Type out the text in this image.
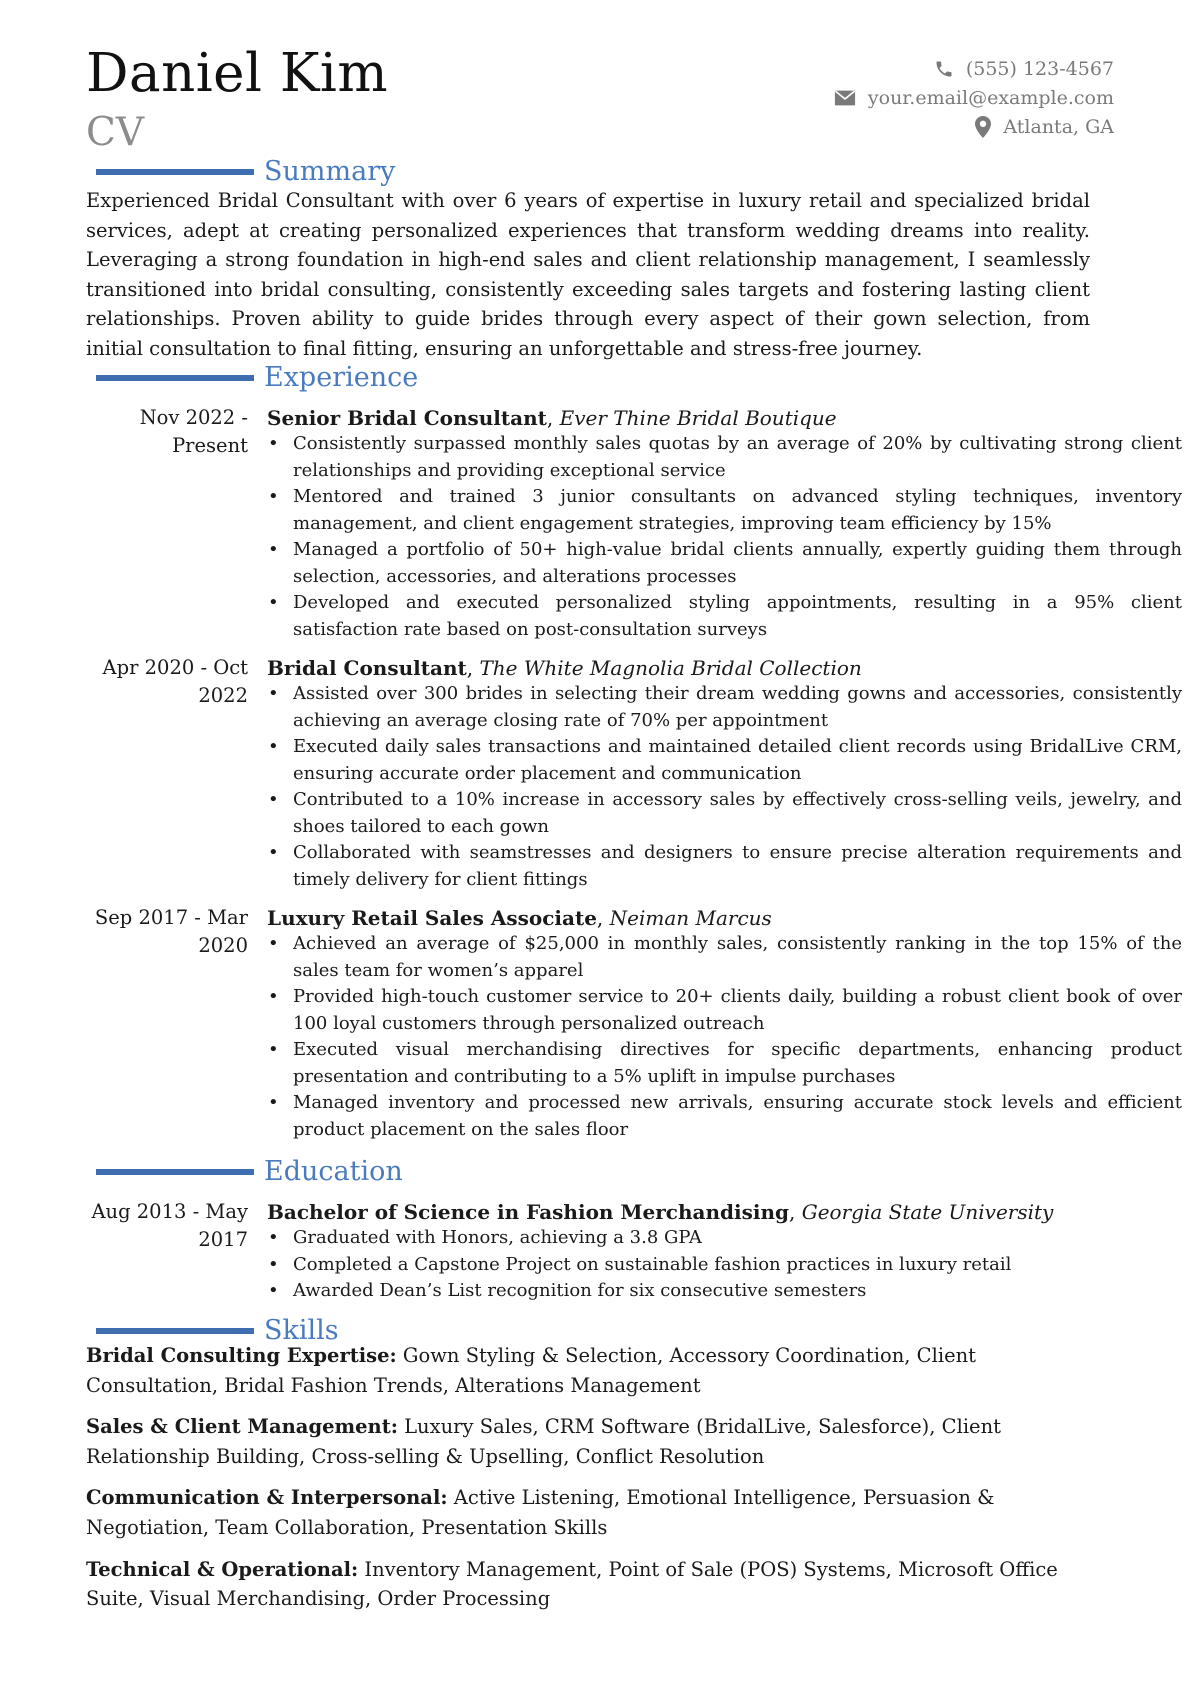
Daniel Kim
CV
(555) 123-4567
your.email@example.com
Atlanta, GA
Summary
Experienced Bridal Consultant with over 6 years of expertise in luxury retail and specialized bridal services, adept at creating personalized experiences that transform wedding dreams into reality. Leveraging a strong foundation in high-end sales and client relationship management, I seamlessly transitioned into bridal consulting, consistently exceeding sales targets and fostering lasting client relationships. Proven ability to guide brides through every aspect of their gown selection, from initial consultation to final fitting, ensuring an unforgettable and stress-free journey.
Experience
Nov 2022 - Present
Senior Bridal Consultant, Ever Thine Bridal Boutique
• Consistently surpassed monthly sales quotas by an average of 20% by cultivating strong client relationships and providing exceptional service
• Mentored and trained 3 junior consultants on advanced styling techniques, inventory management, and client engagement strategies, improving team efficiency by 15%
• Managed a portfolio of 50+ high-value bridal clients annually, expertly guiding them through selection, accessories, and alterations processes
• Developed and executed personalized styling appointments, resulting in a 95% client satisfaction rate based on post-consultation surveys
Apr 2020 - Oct 2022
Bridal Consultant, The White Magnolia Bridal Collection
• Assisted over 300 brides in selecting their dream wedding gowns and accessories, consistently achieving an average closing rate of 70% per appointment
• Executed daily sales transactions and maintained detailed client records using BridalLive CRM, ensuring accurate order placement and communication
• Contributed to a 10% increase in accessory sales by effectively cross-selling veils, jewelry, and shoes tailored to each gown
• Collaborated with seamstresses and designers to ensure precise alteration requirements and timely delivery for client fittings
Sep 2017 - Mar 2020
Luxury Retail Sales Associate, Neiman Marcus
• Achieved an average of $25,000 in monthly sales, consistently ranking in the top 15% of the sales team for women’s apparel
• Provided high-touch customer service to 20+ clients daily, building a robust client book of over 100 loyal customers through personalized outreach
• Executed visual merchandising directives for specific departments, enhancing product presentation and contributing to a 5% uplift in impulse purchases
• Managed inventory and processed new arrivals, ensuring accurate stock levels and efficient product placement on the sales floor
Education
Aug 2013 - May 2017
Bachelor of Science in Fashion Merchandising, Georgia State University
• Graduated with Honors, achieving a 3.8 GPA
• Completed a Capstone Project on sustainable fashion practices in luxury retail
• Awarded Dean’s List recognition for six consecutive semesters
Skills

Bridal Consulting Expertise: Gown Styling & Selection, Accessory Coordination, Client Consultation, Bridal Fashion Trends, Alterations Management

Sales & Client Management: Luxury Sales, CRM Software (BridalLive, Salesforce), Client Relationship Building, Cross-selling & Upselling, Conflict Resolution

Communication & Interpersonal: Active Listening, Emotional Intelligence, Persuasion & Negotiation, Team Collaboration, Presentation Skills

Technical & Operational: Inventory Management, Point of Sale (POS) Systems, Microsoft Office Suite, Visual Merchandising, Order Processing
